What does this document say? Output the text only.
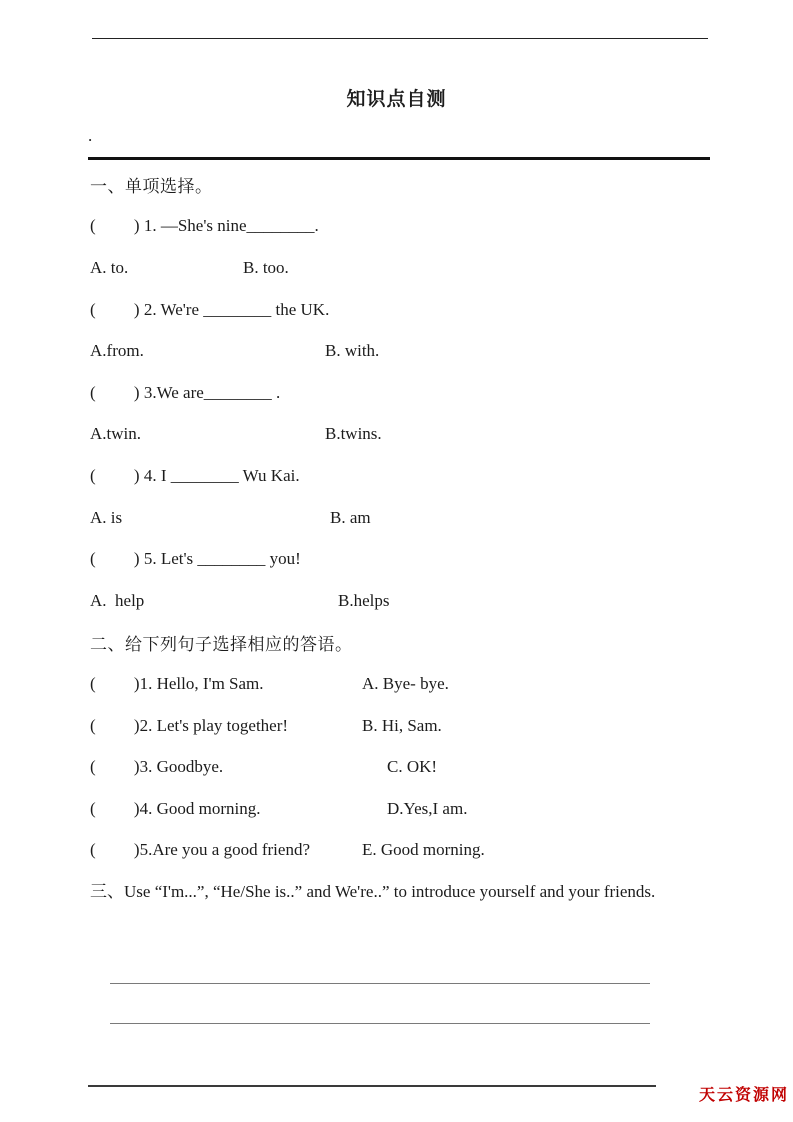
知识点自测
.
一、单项选择。
(         ) 1. —She's nine________.
A. to.	B. too.
(         ) 2. We're ________ the UK.
A.from.	B. with.
(         ) 3.We are________ .
A.twin.	B.twins.
(         ) 4. I ________ Wu Kai.
A. is	B. am
(         ) 5. Let's ________ you!
A.  help	B.helps
二、给下列句子选择相应的答语。
(         )1. Hello, I'm Sam.	A. Bye- bye.
(         )2. Let's play together!	B. Hi, Sam.
(         )3. Goodbye.	C. OK!
(         )4. Good morning.	D.Yes,I am.
(         )5.Are you a good friend?	E. Good morning.
三、Use “I'm...”, “He/She is..” and We're..” to introduce yourself and your friends.
天云资源网
